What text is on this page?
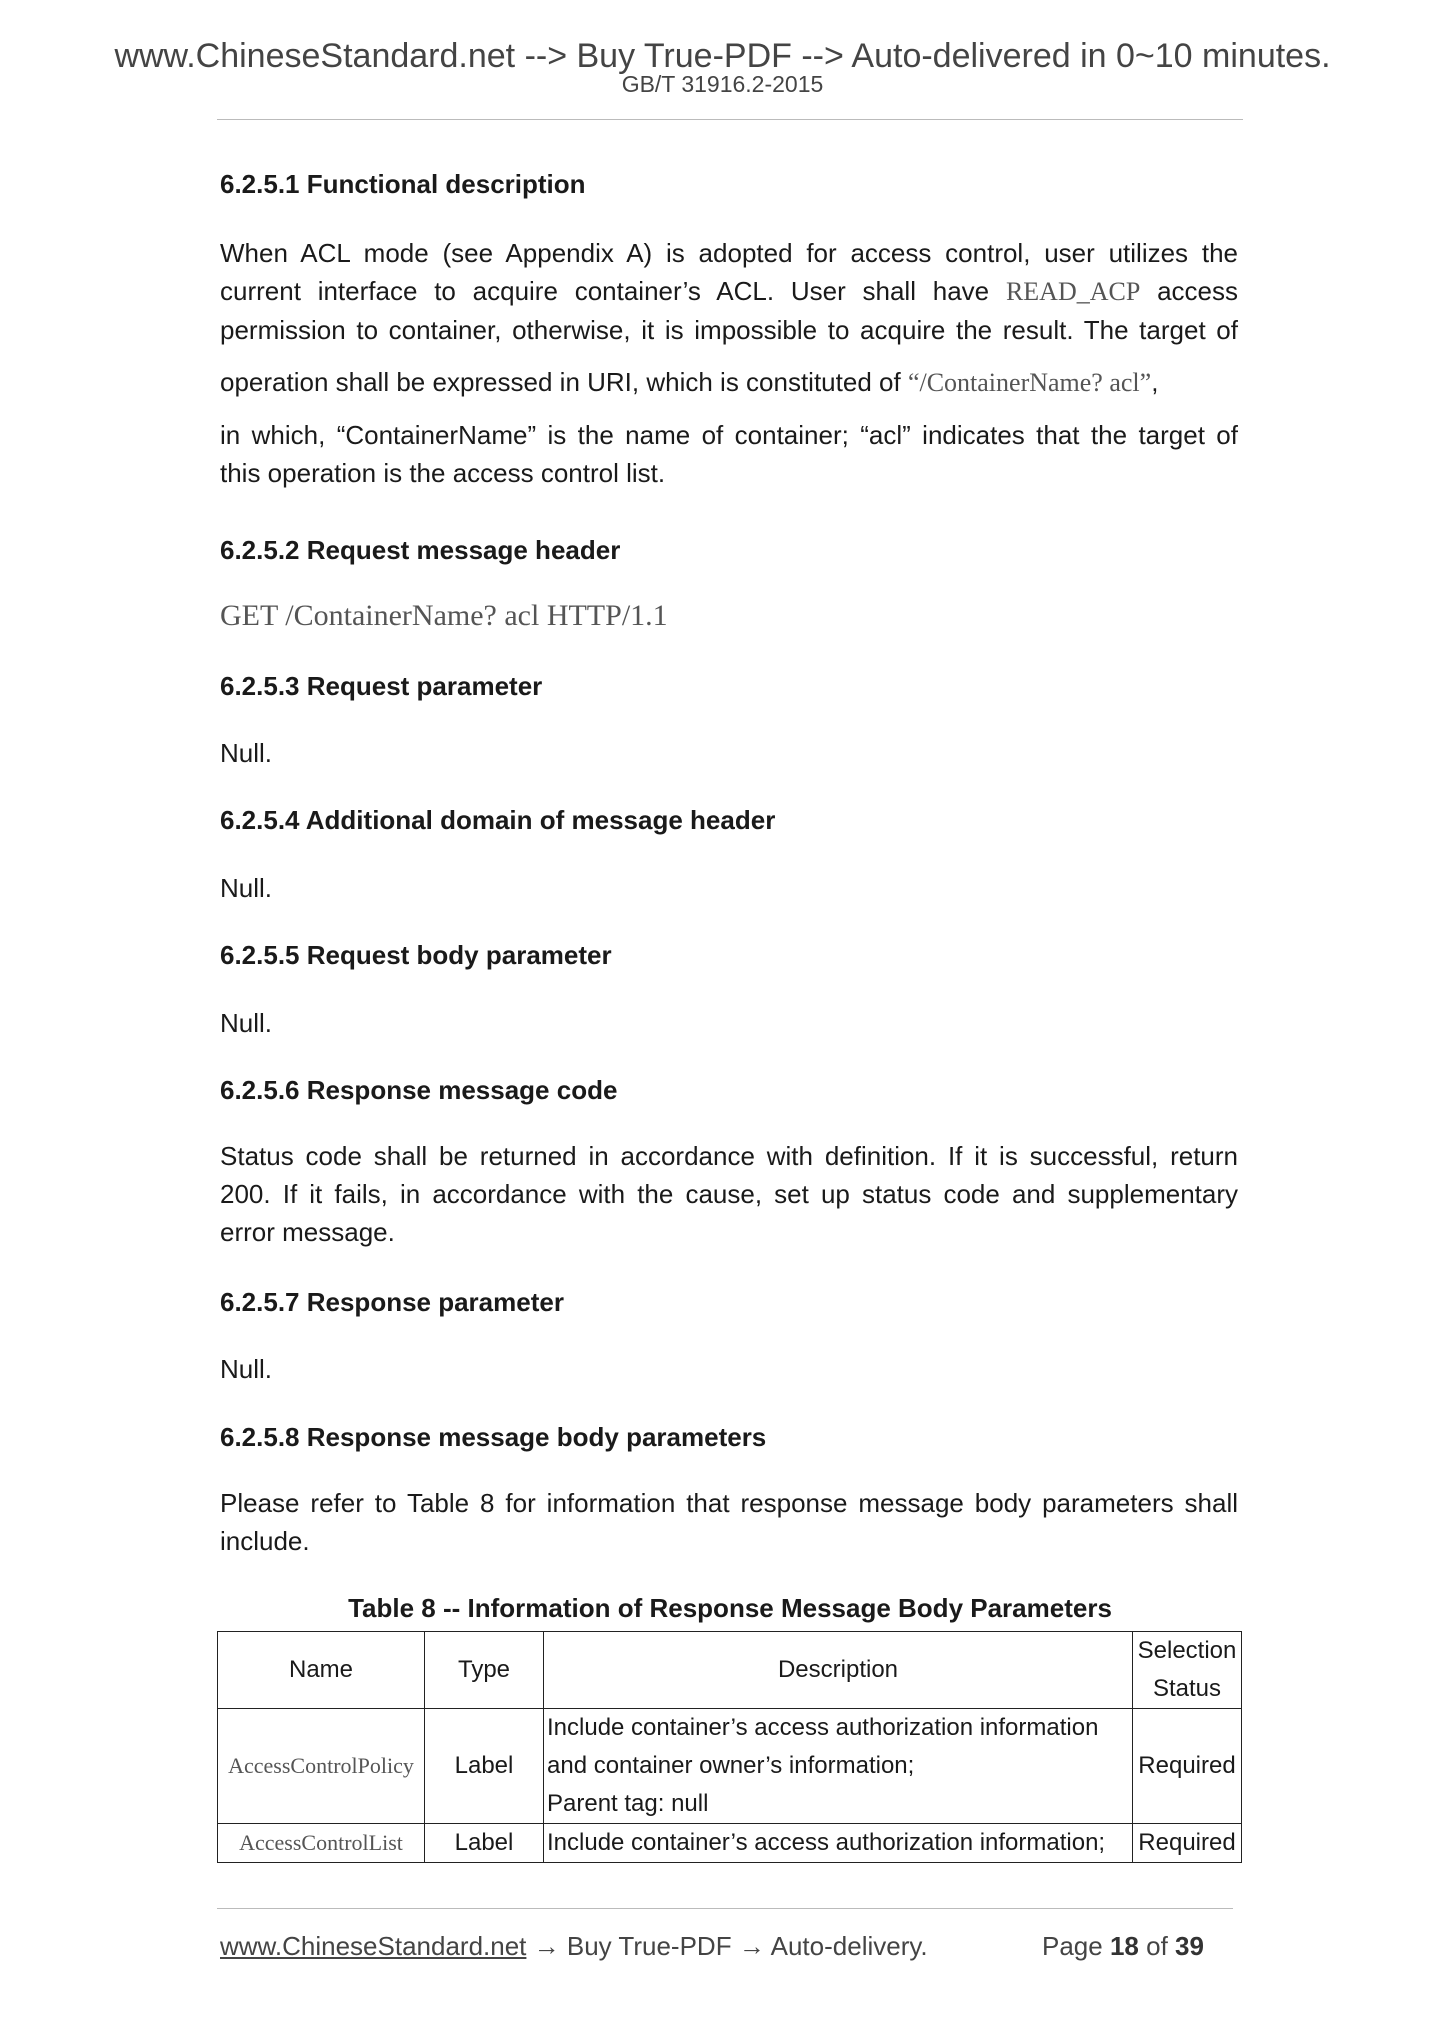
www.ChineseStandard.net --> Buy True-PDF --> Auto-delivered in 0~10 minutes.
GB/T 31916.2-2015
6.2.5.1 Functional description
When ACL mode (see Appendix A) is adopted for access control, user utilizes the
current interface to acquire container’s ACL. User shall have READ_ACP access
permission to container, otherwise, it is impossible to acquire the result. The target of
operation shall be expressed in URI, which is constituted of “/ContainerName? acl”,
in which, “ContainerName” is the name of container; “acl” indicates that the target of
this operation is the access control list.
6.2.5.2 Request message header
GET /ContainerName? acl HTTP/1.1
6.2.5.3 Request parameter
Null.
6.2.5.4 Additional domain of message header
Null.
6.2.5.5 Request body parameter
Null.
6.2.5.6 Response message code
Status code shall be returned in accordance with definition. If it is successful, return
200. If it fails, in accordance with the cause, set up status code and supplementary
error message.
6.2.5.7 Response parameter
Null.
6.2.5.8 Response message body parameters
Please refer to Table 8 for information that response message body parameters shall
include.
Table 8 -- Information of Response Message Body Parameters
Name	Type	Description	Selection
Status

AccessControlPolicy	Label	Include container’s access authorization information
and container owner’s information;
Parent tag: null	Required
AccessControlList	Label	Include container’s access authorization information;	Required
www.ChineseStandard.net → Buy True-PDF → Auto-delivery.	Page 18 of 39
